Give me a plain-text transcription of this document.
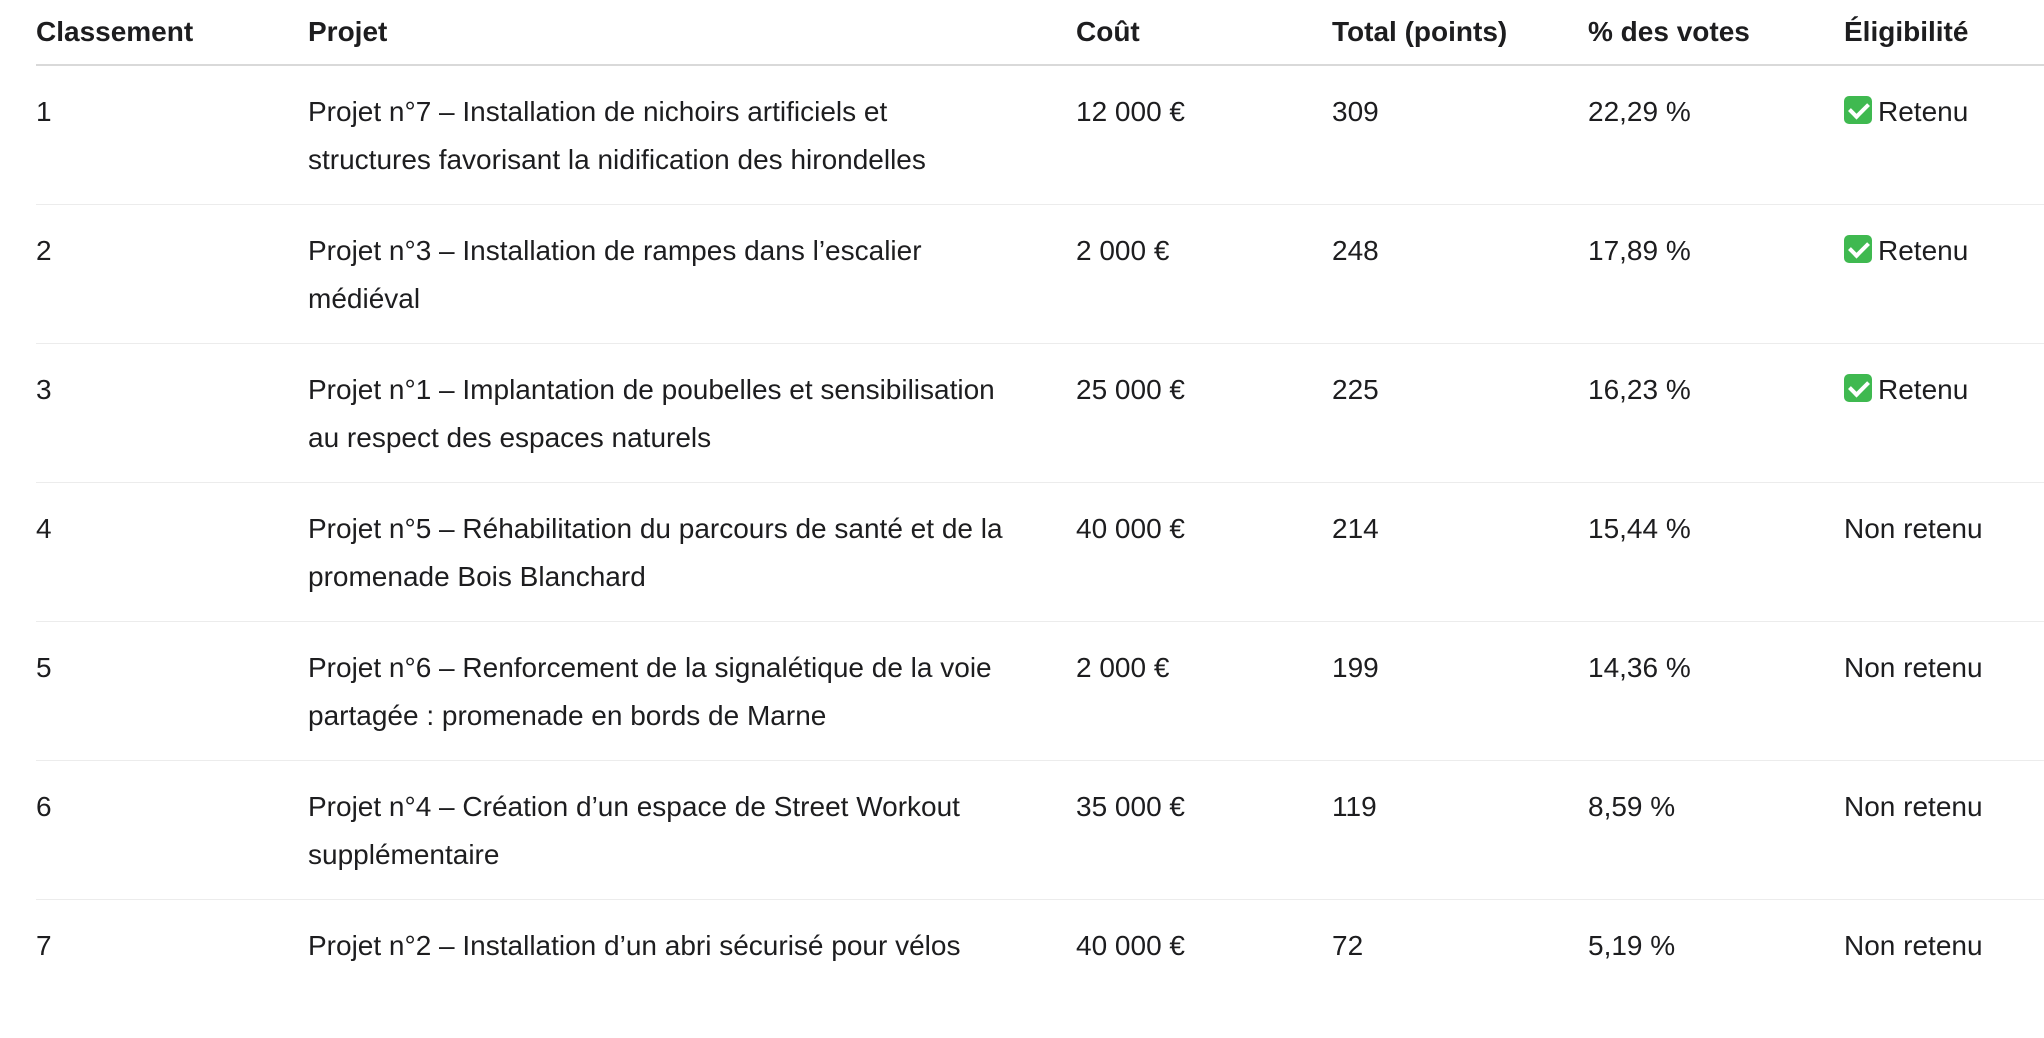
Classement	Projet	Coût	Total (points)	% des votes	Éligibilité
1	Projet n°7 – Installation de nichoirs artificiels et structures favorisant la nidification des hirondelles	12 000 €	309	22,29 %	Retenu
2	Projet n°3 – Installation de rampes dans l’escalier médiéval	2 000 €	248	17,89 %	Retenu
3	Projet n°1 – Implantation de poubelles et sensibilisation au respect des espaces naturels	25 000 €	225	16,23 %	Retenu
4	Projet n°5 – Réhabilitation du parcours de santé et de la promenade Bois Blanchard	40 000 €	214	15,44 %	Non retenu
5	Projet n°6 – Renforcement de la signalétique de la voie partagée : promenade en bords de Marne	2 000 €	199	14,36 %	Non retenu
6	Projet n°4 – Création d’un espace de Street Workout supplémentaire	35 000 €	119	8,59 %	Non retenu
7	Projet n°2 – Installation d’un abri sécurisé pour vélos	40 000 €	72	5,19 %	Non retenu
